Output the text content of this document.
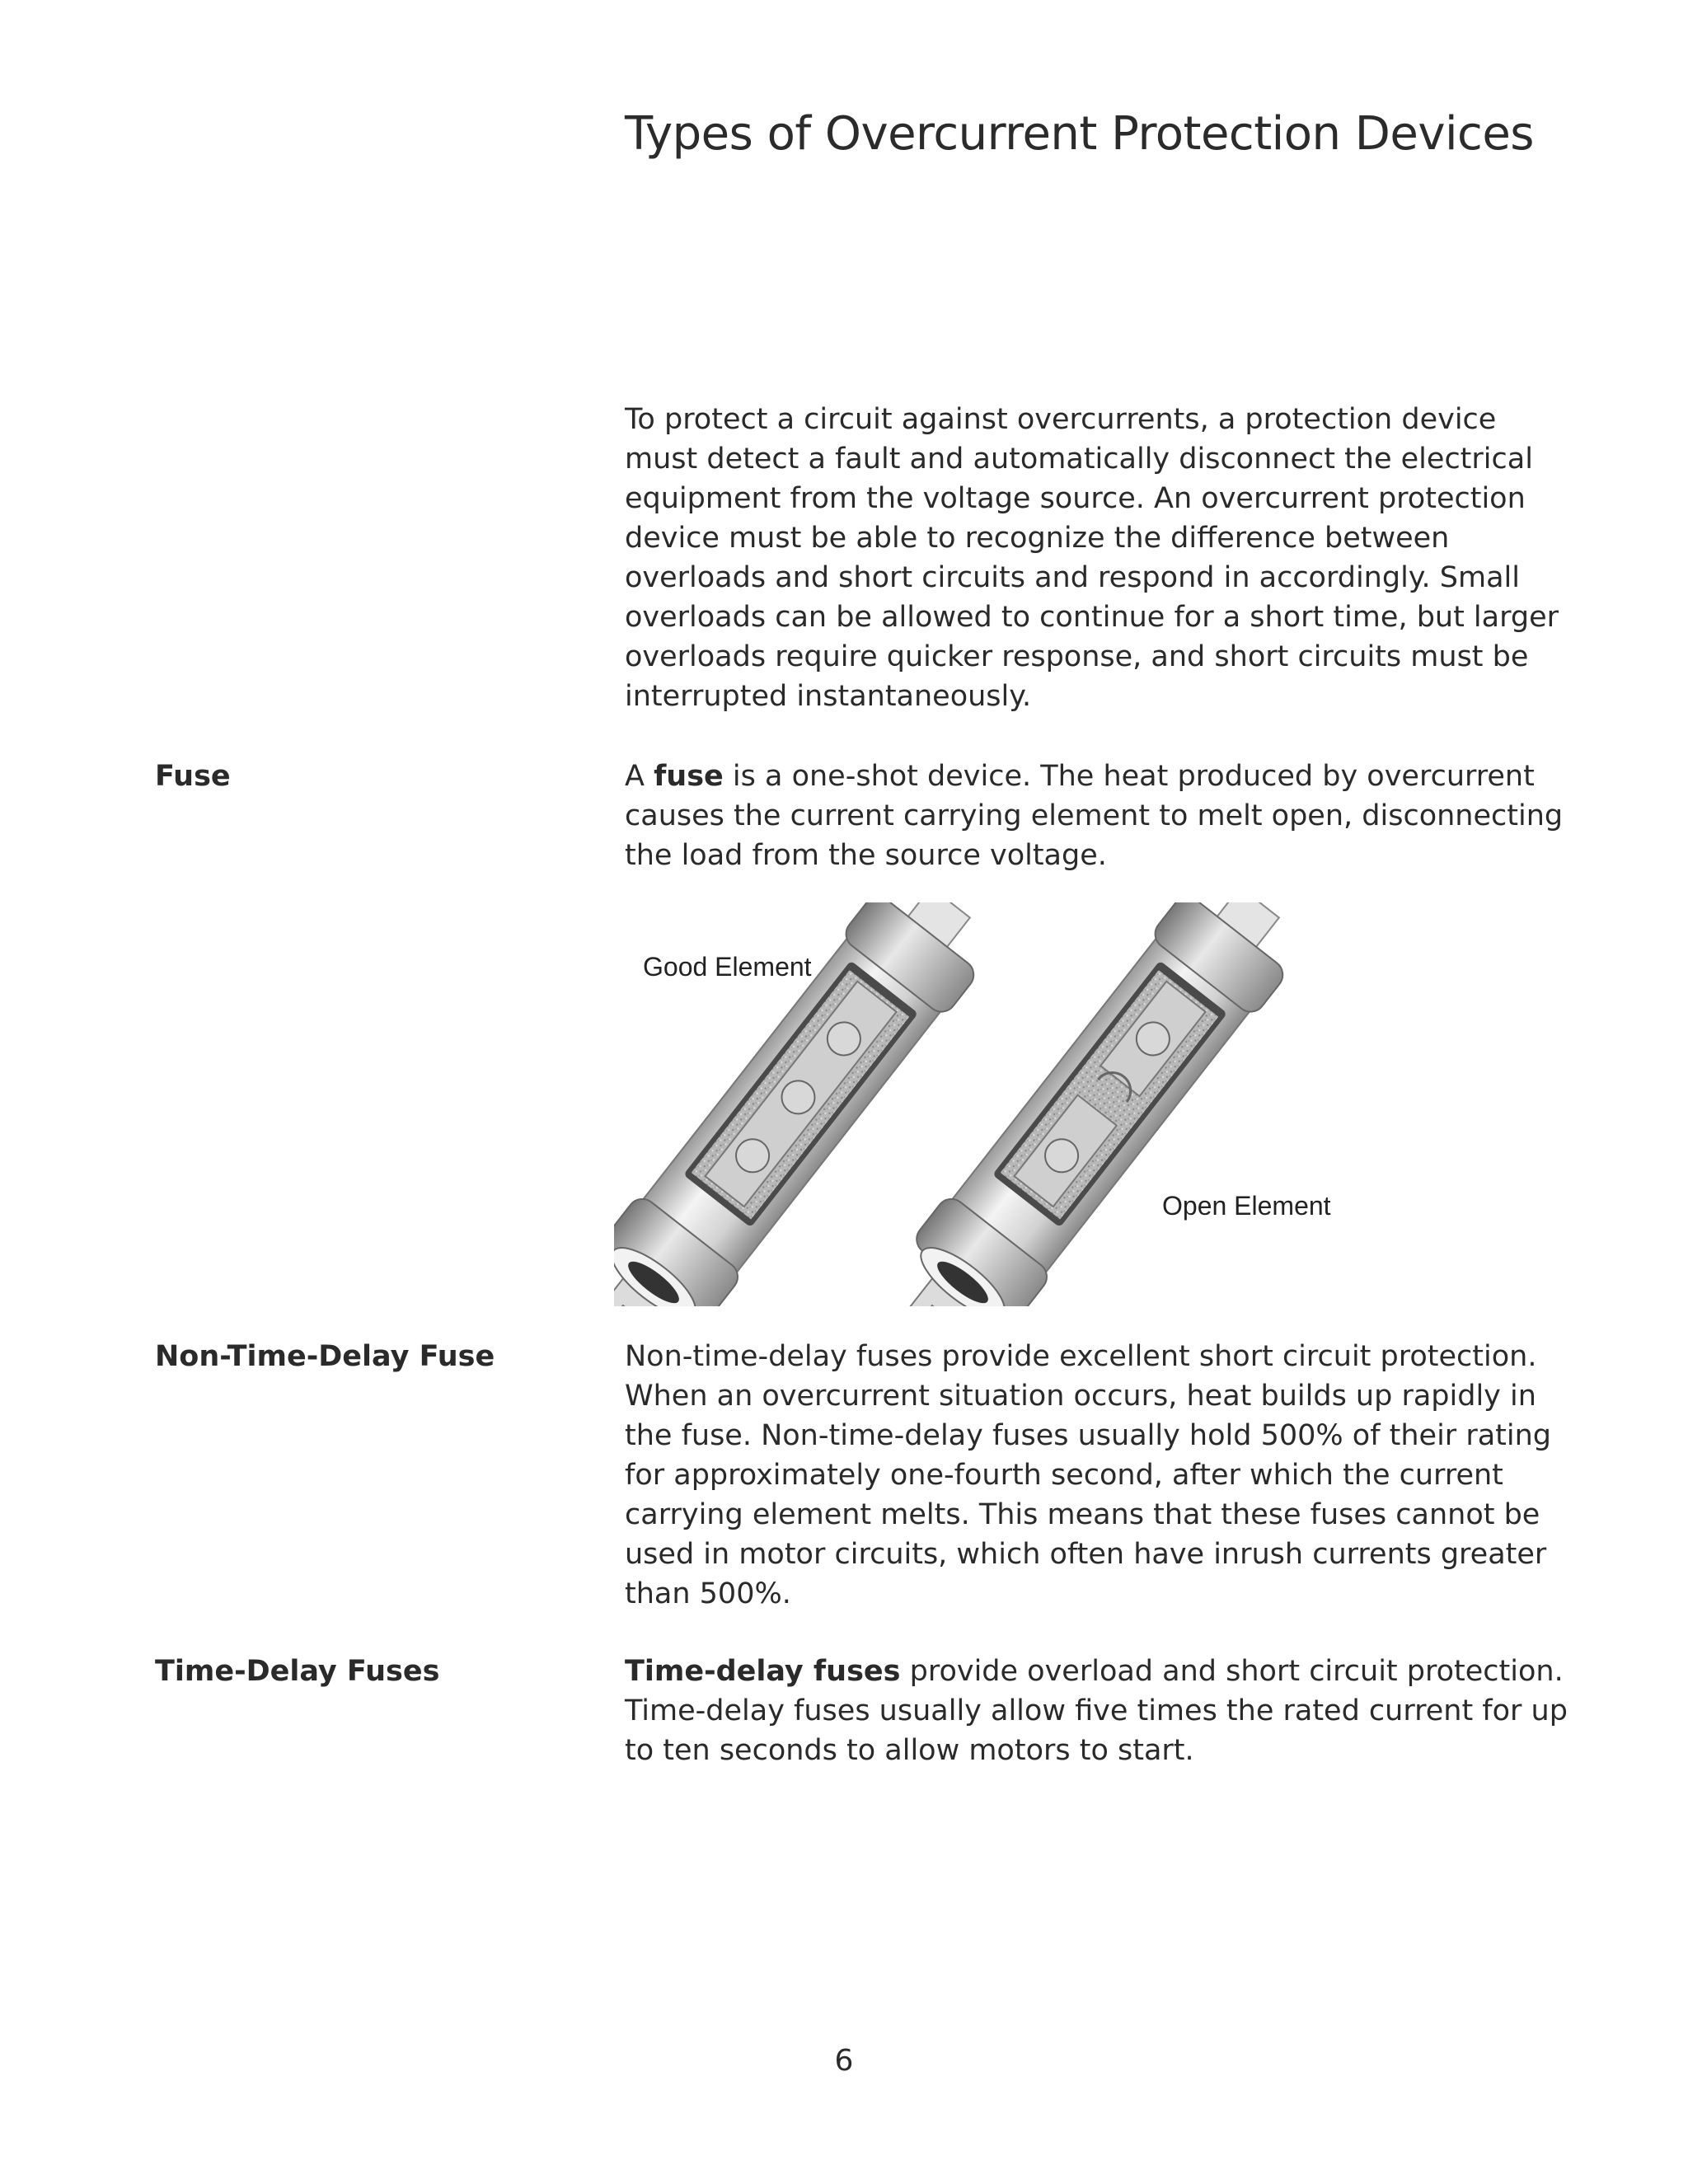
Types of Overcurrent Protection Devices

To protect a circuit against overcurrents, a protection device must detect a fault and automatically disconnect the electrical equipment from the voltage source. An overcurrent protection device must be able to recognize the difference between overloads and short circuits and respond in accordingly. Small overloads can be allowed to continue for a short time, but larger overloads require quicker response, and short circuits must be interrupted instantaneously.

Fuse	A fuse is a one-shot device. The heat produced by overcurrent causes the current carrying element to melt open, disconnecting the load from the source voltage.

Good Element
Open Element

Non-Time-Delay Fuse	Non-time-delay fuses provide excellent short circuit protection. When an overcurrent situation occurs, heat builds up rapidly in the fuse. Non-time-delay fuses usually hold 500% of their rating for approximately one-fourth second, after which the current carrying element melts. This means that these fuses cannot be used in motor circuits, which often have inrush currents greater than 500%.

Time-Delay Fuses	Time-delay fuses provide overload and short circuit protection. Time-delay fuses usually allow five times the rated current for up to ten seconds to allow motors to start.

6
